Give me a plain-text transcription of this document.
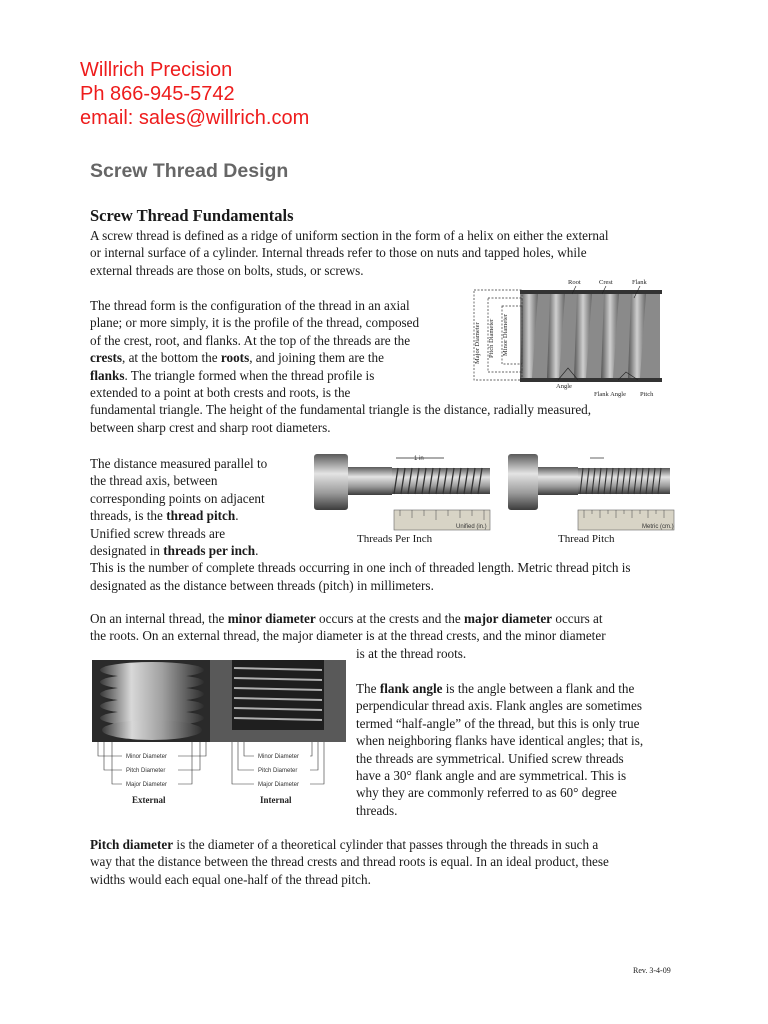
Willrich Precision
Ph 866-945-5742
email: sales@willrich.com
Screw Thread Design
Screw Thread Fundamentals
A screw thread is defined as a ridge of uniform section in the form of a helix on either the external
or internal surface of a cylinder. Internal threads refer to those on nuts and tapped holes, while
external threads are those on bolts, studs, or screws.
The thread form is the configuration of the thread in an axial
plane; or more simply, it is the profile of the thread, composed
of the crest, root, and flanks. At the top of the threads are the
crests, at the bottom the roots, and joining them are the
flanks. The triangle formed when the thread profile is
extended to a point at both crests and roots, is the
fundamental triangle. The height of the fundamental triangle is the distance, radially measured,
between sharp crest and sharp root diameters.
Major Diameter Pitch Diameter Minor Diameter
Root	Crest	Flank
Angle
Flank Angle Pitch
The distance measured parallel to
the thread axis, between
corresponding points on adjacent
threads, is the thread pitch.
Unified screw threads are
designated in threads per inch.
This is the number of complete threads occurring in one inch of threaded length. Metric thread pitch is
designated as the distance between threads (pitch) in millimeters.
1 in
Unified (in.)	Metric (cm.)
Threads Per Inch	Thread Pitch
On an internal thread, the minor diameter occurs at the crests and the major diameter occurs at
the roots. On an external thread, the major diameter is at the thread crests, and the minor diameter
is at the thread roots.
Minor Diameter
Pitch Diameter
Major Diameter
Minor Diameter
Pitch Diameter
Major Diameter
External	Internal
The flank angle is the angle between a flank and the
perpendicular thread axis. Flank angles are sometimes
termed “half-angle” of the thread, but this is only true
when neighboring flanks have identical angles; that is,
the threads are symmetrical. Unified screw threads
have a 30° flank angle and are symmetrical. This is
why they are commonly referred to as 60° degree
threads.
Pitch diameter is the diameter of a theoretical cylinder that passes through the threads in such a
way that the distance between the thread crests and thread roots is equal. In an ideal product, these
widths would each equal one-half of the thread pitch.
Rev. 3-4-09
